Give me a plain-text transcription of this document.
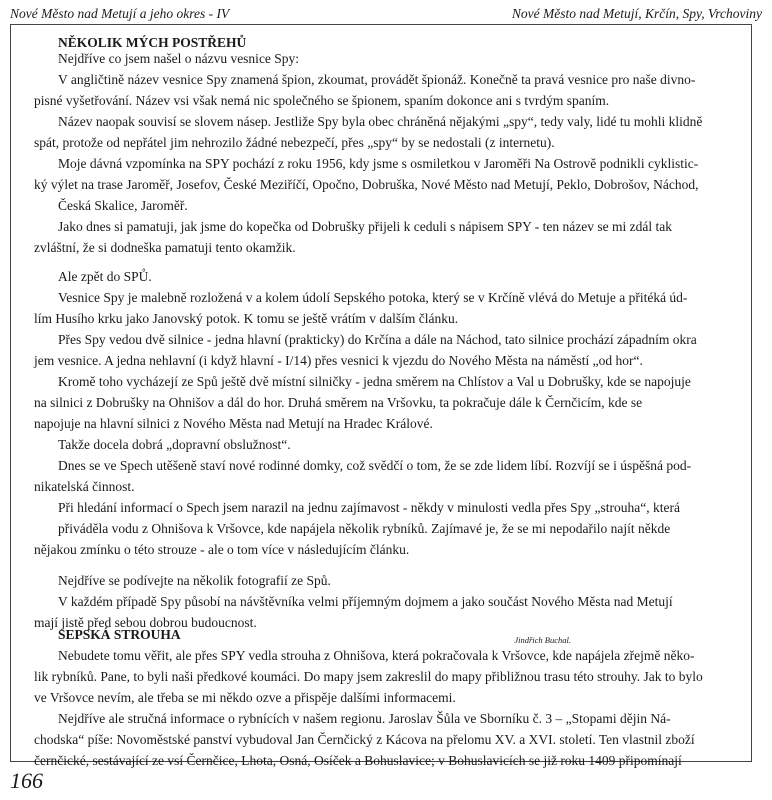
Nové Město nad Metují a jeho okres - IV	Nové Město nad Metují, Krčín, Spy, Vrchoviny
NĚKOLIK MÝCH POSTŘEHŮ
Nejdříve co jsem našel o názvu vesnice Spy:
V angličtině název vesnice Spy znamená špion, zkoumat, provádět špionáž. Konečně ta pravá vesnice pro naše divno-
pisné vyšetřování. Název vsi však nemá nic společného se špionem, spaním dokonce ani s tvrdým spaním.
Název naopak souvisí se slovem násep. Jestliže Spy byla obec chráněná nějakými „spy“, tedy valy, lidé tu mohli klidně
spát, protože od nepřátel jim nehrozilo žádné nebezpečí, přes „spy“ by se nedostali (z internetu).
Moje dávná vzpomínka na SPY pochází z roku 1956, kdy jsme s osmiletkou v Jaroměři Na Ostrově podnikli cyklistic-
ký výlet na trase Jaroměř, Josefov, České Meziříčí, Opočno, Dobruška, Nové Město nad Metují, Peklo, Dobrošov, Náchod,
Česká Skalice, Jaroměř.
Jako dnes si pamatuji, jak jsme do kopečka od Dobrušky přijeli k ceduli s nápisem SPY - ten název se mi zdál tak
zvláštní, že si dodneška pamatuji tento okamžik.
Ale zpět do SPŮ.
Vesnice Spy je malebně rozložená v a kolem údolí Sepského potoka, který se v Krčíně vlévá do Metuje a přitéká úd-
lím Husího krku jako Janovský potok. K tomu se ještě vrátím v dalším článku.
Přes Spy vedou dvě silnice - jedna hlavní (prakticky) do Krčína a dále na Náchod, tato silnice prochází západním okra
jem vesnice. A jedna nehlavní (i když hlavní - I/14) přes vesnici k vjezdu do Nového Města na náměstí „od hor“.
Kromě toho vycházejí ze Spů ještě dvě místní silničky - jedna směrem na Chlístov a Val u Dobrušky, kde se napojuje
na silnici z Dobrušky na Ohnišov a dál do hor. Druhá směrem na Vršovku, ta pokračuje dále k Černčicím, kde se
napojuje na hlavní silnici z Nového Města nad Metují na Hradec Králové.
Takže docela dobrá „dopravní obslužnost“.
Dnes se ve Spech utěšeně staví nové rodinné domky, což svědčí o tom, že se zde lidem líbí. Rozvíjí se i úspěšná pod-
nikatelská činnost.
Při hledání informací o Spech jsem narazil na jednu zajímavost - někdy v minulosti vedla přes Spy „strouha“, která
přiváděla vodu z Ohnišova k Vršovce, kde napájela několik rybníků. Zajímavé je, že se mi nepodařilo najít někde
nějakou zmínku o této strouze - ale o tom více v následujícím článku.
Nejdříve se podívejte na několik fotografií ze Spů.
V každém případě Spy působí na návštěvníka velmi příjemným dojmem a jako součást Nového Města nad Metují
mají jistě před sebou dobrou budoucnost.
Jindřich Buchal.
SEPSKÁ STROUHA
Nebudete tomu věřit, ale přes SPY vedla strouha z Ohnišova, která pokračovala k Vršovce, kde napájela zřejmě něko-
lik rybníků. Pane, to byli naši předkové koumáci. Do mapy jsem zakreslil do mapy přibližnou trasu této strouhy. Jak to bylo
ve Vršovce nevím, ale třeba se mi někdo ozve a přispěje dalšími informacemi.
Nejdříve ale stručná informace o rybnících v našem regionu. Jaroslav Šůla ve Sborníku č. 3 – „Stopami dějin Ná-
chodska“ píše: Novoměstské panství vybudoval Jan Černčický z Kácova na přelomu XV. a XVI. století. Ten vlastnil zboží
černčické, sestávající ze vsí Černčice, Lhota, Osná, Osíček a Bohuslavice; v Bohuslavicích se již roku 1409 připomínají
166
